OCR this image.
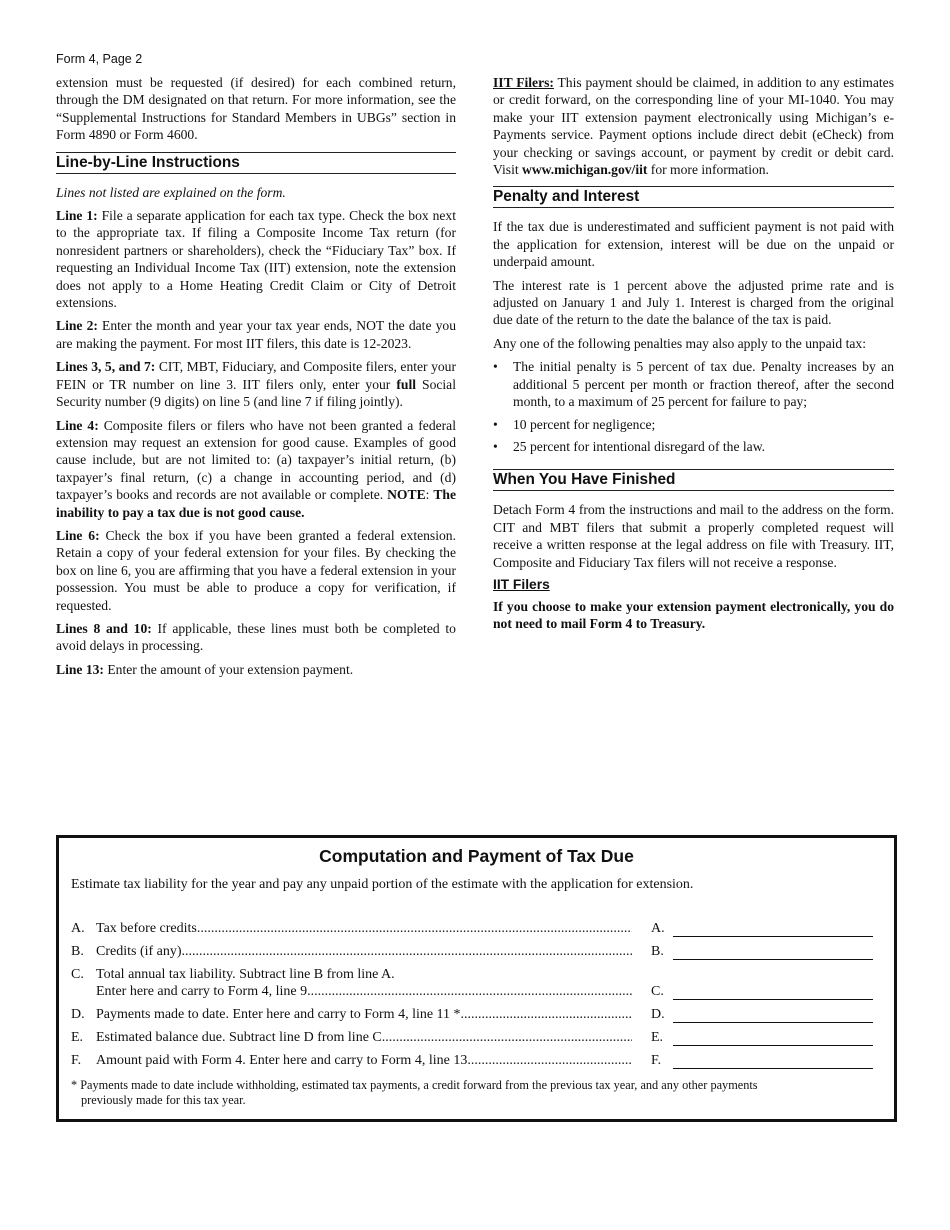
Form 4, Page 2

extension must be requested (if desired) for each combined return, through the DM designated on that return. For more information, see the “Supplemental Instructions for Standard Members in UBGs” section in Form 4890 or Form 4600.

Line-by-Line Instructions

Lines not listed are explained on the form.

Line 1: File a separate application for each tax type. Check the box next to the appropriate tax. If filing a Composite Income Tax return (for nonresident partners or shareholders), check the “Fiduciary Tax” box. If requesting an Individual Income Tax (IIT) extension, note the extension does not apply to a Home Heating Credit Claim or City of Detroit extensions.

Line 2: Enter the month and year your tax year ends, NOT the date you are making the payment. For most IIT filers, this date is 12-2023.

Lines 3, 5, and 7: CIT, MBT, Fiduciary, and Composite filers, enter your FEIN or TR number on line 3. IIT filers only, enter your full Social Security number (9 digits) on line 5 (and line 7 if filing jointly).

Line 4: Composite filers or filers who have not been granted a federal extension may request an extension for good cause. Examples of good cause include, but are not limited to: (a) taxpayer’s initial return, (b) taxpayer’s final return, (c) a change in accounting period, and (d) taxpayer’s books and records are not available or complete. NOTE: The inability to pay a tax due is not good cause.

Line 6: Check the box if you have been granted a federal extension. Retain a copy of your federal extension for your files. By checking the box on line 6, you are affirming that you have a federal extension in your possession. You must be able to produce a copy for verification, if requested.

Lines 8 and 10: If applicable, these lines must both be completed to avoid delays in processing.

Line 13: Enter the amount of your extension payment.

IIT Filers: This payment should be claimed, in addition to any estimates or credit forward, on the corresponding line of your MI-1040. You may make your IIT extension payment electronically using Michigan’s e-Payments service. Payment options include direct debit (eCheck) from your checking or savings account, or payment by credit or debit card. Visit www.michigan.gov/iit for more information.

Penalty and Interest

If the tax due is underestimated and sufficient payment is not paid with the application for extension, interest will be due on the unpaid or underpaid amount.

The interest rate is 1 percent above the adjusted prime rate and is adjusted on January 1 and July 1. Interest is charged from the original due date of the return to the date the balance of the tax is paid.

Any one of the following penalties may also apply to the unpaid tax:

• The initial penalty is 5 percent of tax due. Penalty increases by an additional 5 percent per month or fraction thereof, after the second month, to a maximum of 25 percent for failure to pay;
• 10 percent for negligence;
• 25 percent for intentional disregard of the law.
When You Have Finished

Detach Form 4 from the instructions and mail to the address on the form. CIT and MBT filers that submit a properly completed request will receive a written response at the legal address on file with Treasury. IIT, Composite and Fiduciary Tax filers will not receive a response.

IIT Filers

If you choose to make your extension payment electronically, you do not need to mail Form 4 to Treasury.

Computation and Payment of Tax Due
Estimate tax liability for the year and pay any unpaid portion of the estimate with the application for extension.
A. Tax before credits .....	A.
B. Credits (if any) .....	B.
C. Total annual tax liability. Subtract line B from line A.
Enter here and carry to Form 4, line 9 .....	C.
D. Payments made to date. Enter here and carry to Form 4, line 11 * .....	D.
E. Estimated balance due. Subtract line D from line C .....	E.
F. Amount paid with Form 4. Enter here and carry to Form 4, line 13 .....	F.
* Payments made to date include withholding, estimated tax payments, a credit forward from the previous tax year, and any other payments
previously made for this tax year.
